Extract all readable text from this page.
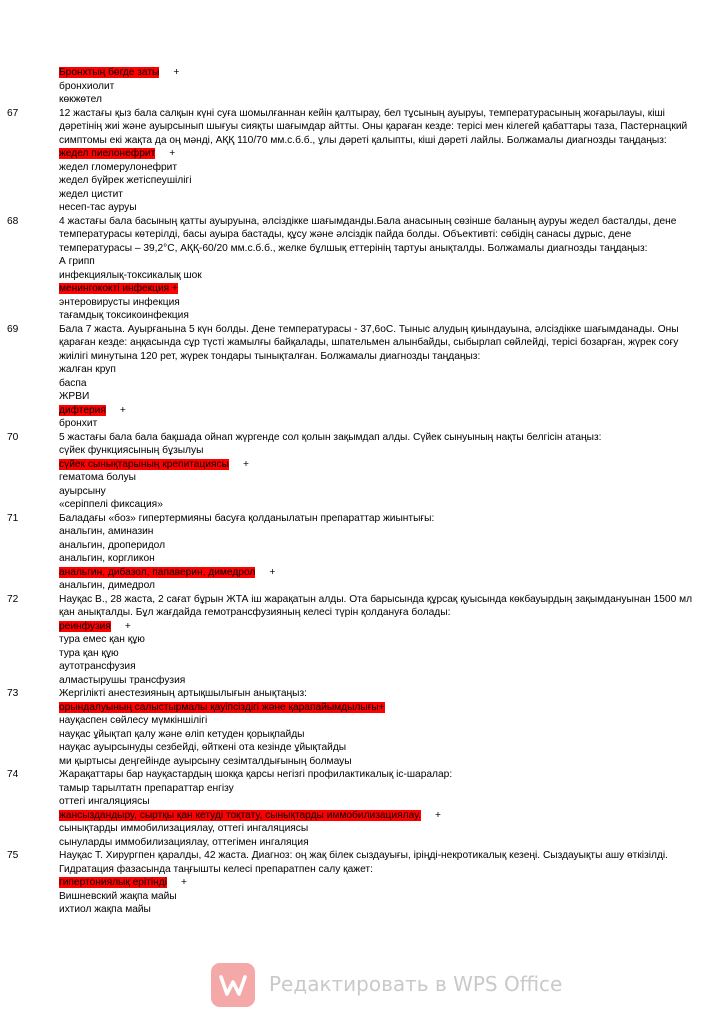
Бронхтың бөгде заты +
бронхиолит
көкжөтел
67	12 жастағы қыз бала салқын күні суға шомылғаннан кейін қалтырау, бел тұсының ауыруы, температурасының жоғарылауы, кіші дәретінің жиі және ауырсынып шығуы сияқты шағымдар айтты. Оны қараған кезде: терісі мен кілегей қабаттары таза, Пастернацкий симптомы екі жақта да оң мәнді, АҚҚ 110/70 мм.с.б.б., ұлы дәреті қалыпты, кіші дәреті лайлы. Болжамалы диагнозды таңдаңыз:
жедел пиелонефрит +
жедел гломерулонефрит
жедел бүйрек жетіспеушілігі
жедел цистит
несеп-тас ауруы
68	4 жастағы бала басының қатты ауыруына, әлсіздікке шағымданды.Бала анасының сөзінше баланың ауруы жедел басталды, дене температурасы көтерілді, басы ауыра бастады, құсу және әлсіздік пайда болды. Объективті: сөбідің санасы дұрыс, дене температурасы – 39,2°С, АҚҚ-60/20 мм.с.б.б., желке бұлшық еттерінің тартуы анықталды. Болжамалы диагнозды таңдаңыз:
А грипп
инфекциялық-токсикалық шок
менингококті инфекция +
энтеровирусты инфекция
тағамдық токсикоинфекция
69	Бала 7 жаста. Ауырғанына 5 күн болды. Дене температурасы - 37,6оС. Тыныс алудың қиындауына, әлсіздікке шағымданады. Оны қараған кезде: аңқасында сұр түсті жамылғы байқалады, шпательмен алынбайды, сыбырлап сөйлейді, терісі бозарған, жүрек соғу жиілігі минутына 120 рет, жүрек тондары тынықталған. Болжамалы диагнозды таңдаңыз:
жалған круп
баспа
ЖРВИ
дифтерия +
бронхит
70	5 жастағы бала бала бақшада ойнап жүргенде сол қолын зақымдап алды. Сүйек сынуының нақты белгісін атаңыз:
сүйек функциясының бұзылуы
сүйек сынықтарының крепитациясы +
гематома болуы
ауырсыну
«серіппелі фиксация»
71	Баладағы «боз» гипертермияны басуға қолданылатын препараттар жиынтығы:
анальгин, аминазин
анальгин, дроперидол
анальгин, коргликон
анальгин, дибазол, папаверин, димедрол +
анальгин, димедрол
72	Науқас В., 28 жаста, 2 сағат бұрын ЖТА іш жарақатын алды. Ота барысында құрсақ қуысында көкбауырдың зақымдануынан 1500 мл қан анықталды. Бұл жағдайда гемотрансфузияның келесі түрін қолдануға болады:
реинфузия +
тура емес қан құю
тура қан құю
аутотрансфузия
алмастырушы трансфузия
73	Жергілікті анестезияның артықшылығын анықтаңыз:
орындалуының салыстырмалы қауіпсіздігі және қарапайымдылығы+
науқаспен сөйлесу мүмкіншілігі
науқас ұйықтап қалу және өліп кетуден қорықпайды
науқас ауырсынуды сезбейді, өйткені ота кезінде ұйықтайды
ми қыртысы деңгейінде ауырсыну сезімталдығының болмауы
74	Жарақаттары бар науқастардың шокқа қарсы негізгі профилактикалық іс-шаралар:
тамыр тарылтатн препараттар енгізу
оттегі ингаляциясы
жансыздандыру, сыртқы қан кетуді тоқтату, сынықтарды иммобилизациялау. +
сынықтарды иммобилизациялау, оттегі ингаляциясы
сынуларды иммобилизациялау, оттегімен ингаляция
75	Науқас Т. Хирургпен қаралды, 42 жаста. Диагноз: оң жақ білек сыздауығы, іріңді-некротикалық кезеңі. Сыздауықты ашу өткізілді. Гидратация фазасында таңғышты келесі препаратпен салу қажет:
гипертониялық ерітінді +
Вишневский жақпа майы
ихтиол жақпа майы
Редактировать в WPS Office
